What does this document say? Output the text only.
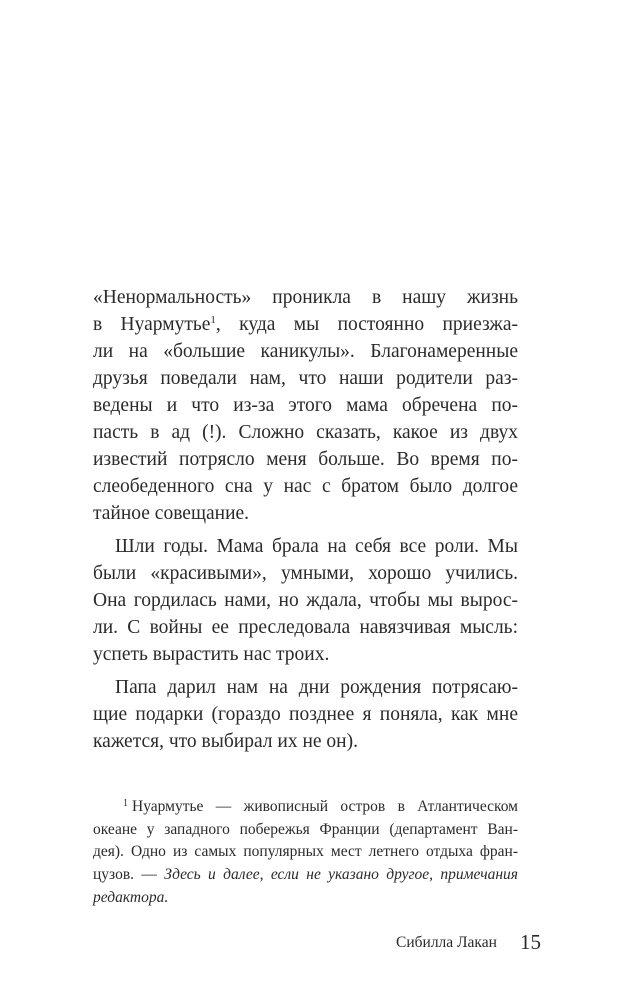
«Ненормальность» проникла в нашу жизнь
в Нуармутье$^1$, куда мы постоянно приезжа-
ли на «большие каникулы». Благонамеренные
друзья поведали нам, что наши родители раз-
ведены и что из-за этого мама обречена по-
пасть в ад (!). Сложно сказать, какое из двух
известий потрясло меня больше. Во время по-
слеобеденного сна у нас с братом было долгое
тайное совещание.
Шли годы. Мама брала на себя все роли. Мы
были «красивыми», умными, хорошо учились.
Она гордилась нами, но ждала, чтобы мы вырос-
ли. С войны ее преследовала навязчивая мысль:
успеть вырастить нас троих.
Папа дарил нам на дни рождения потрясаю-
щие подарки (гораздо позднее я поняла, как мне
кажется, что выбирал их не он).
$^1$ Нуармутье — живописный остров в Атлантическом
океане у западного побережья Франции (департамент Ван-
дея). Одно из самых популярных мест летнего отдыха фран-
цузов. — Здесь и далее, если не указано другое, примечания
редактора.
Сибилла Лакан 15
